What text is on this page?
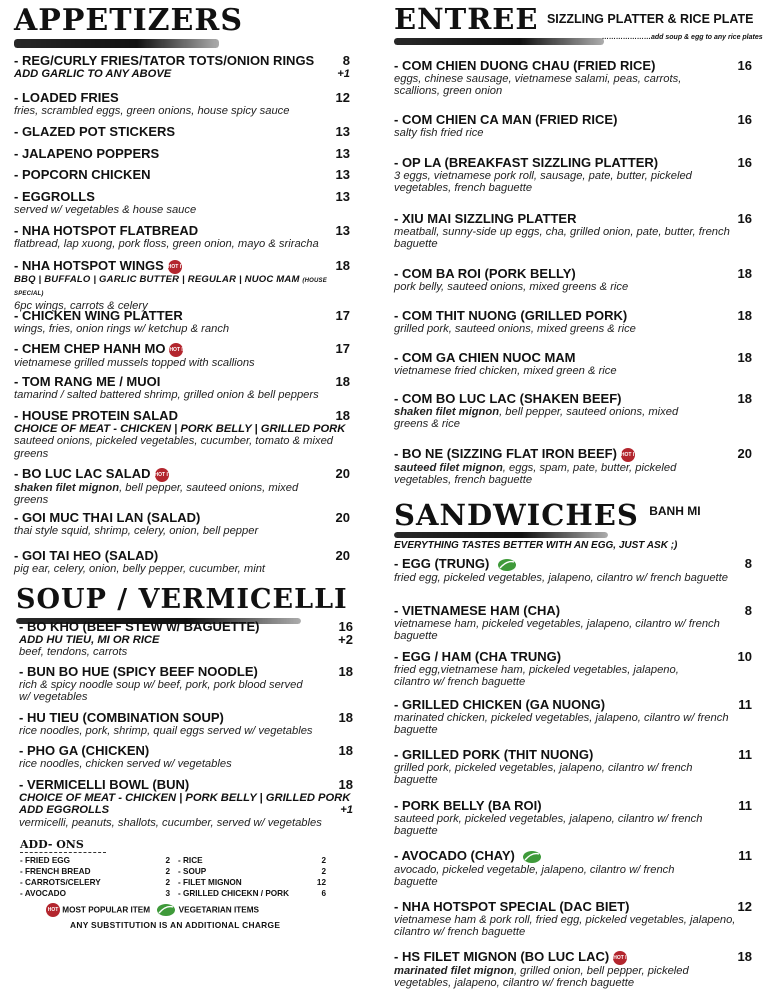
APPETIZERS
- REG/CURLY FRIES/TATOR TOTS/ONION RINGS	8
ADD GARLIC TO ANY ABOVE	+1
- LOADED FRIES	12
fries, scrambled eggs, green onions, house spicy sauce
- GLAZED POT STICKERS	13
- JALAPENO POPPERS	13
- POPCORN CHICKEN	13
- EGGROLLS	13
served w/ vegetables & house sauce
- NHA HOTSPOT FLATBREAD	13
flatbread, lap xuong, pork floss, green onion, mayo & sriracha
- NHA HOTSPOT WINGS HOT ITEM	18
BBQ | BUFFALO | GARLIC BUTTER | REGULAR | NUOC MAM (HOUSE SPECIAL)
6pc wings, carrots & celery
- CHICKEN WING PLATTER	17
wings, fries, onion rings w/ ketchup & ranch
- CHEM CHEP HANH MO HOT ITEM	17
vietnamese grilled mussels topped with scallions
- TOM RANG ME / MUOI	18
tamarind / salted battered shrimp, grilled onion & bell peppers
- HOUSE PROTEIN SALAD	18
CHOICE OF MEAT - CHICKEN | PORK BELLY | GRILLED PORK
sauteed onions, pickeled vegetables, cucumber, tomato & mixed greens
- BO LUC LAC SALAD HOT ITEM	20
shaken filet mignon, bell pepper, sauteed onions, mixed greens
- GOI MUC THAI LAN (SALAD)	20
thai style squid, shrimp, celery, onion, bell pepper
- GOI TAI HEO (SALAD)	20
pig ear, celery, onion, belly pepper, cucumber, mint
SOUP / VERMICELLI
- BO KHO (BEEF STEW w/ BAGUETTE)	16
ADD HU TIEU, MI OR RICE	+2
beef, tendons, carrots
- BUN BO HUE (SPICY BEEF NOODLE)	18
rich & spicy noodle soup w/ beef, pork, pork blood served w/ vegetables
- HU TIEU (COMBINATION SOUP)	18
rice noodles, pork, shrimp, quail eggs served w/ vegetables
- PHO GA (CHICKEN)	18
rice noodles, chicken served w/ vegetables
- VERMICELLI BOWL (BUN)	18
CHOICE OF MEAT - CHICKEN | PORK BELLY | GRILLED PORK
ADD EGGROLLS	+1
vermicelli, peanuts, shallots, cucumber, served w/ vegetables
ADD- ONS
- FRIED EGG	2
- FRENCH BREAD	2
- CARROTS/CELERY	2
- AVOCADO	3
- RICE	2
- SOUP	2
- FILET MIGNON	12
- GRILLED CHICEKN / PORK	6
HOT ITEM MOST POPULAR ITEM	VEGETARIAN ITEMS
ANY SUBSTITUTION IS AN ADDITIONAL CHARGE
ENTREE $^{SIZZLING PLATTER \& RICE PLATE}$
…………………add soup & egg to any rice plates
- COM CHIEN DUONG CHAU (FRIED RICE)	16
eggs, chinese sausage, vietnamese salami, peas, carrots, scallions, green onion
- COM CHIEN CA MAN (FRIED RICE)	16
salty fish fried rice
- OP LA (BREAKFAST SIZZLING PLATTER)	16
3 eggs, vietnamese pork roll, sausage, pate, butter, pickeled vegetables, french baguette
- XIU MAI SIZZLING PLATTER	16
meatball, sunny-side up eggs, cha, grilled onion, pate, butter, french baguette
- COM BA ROI (PORK BELLY)	18
pork belly, sauteed onions, mixed greens & rice
- COM THIT NUONG (GRILLED PORK)	18
grilled pork, sauteed onions, mixed greens & rice
- COM GA CHIEN NUOC MAM	18
vietnamese fried chicken, mixed green & rice
- COM BO LUC LAC (SHAKEN BEEF)	18
shaken filet mignon, bell pepper, sauteed onions, mixed greens & rice
- BO NE (SIZZING FLAT IRON BEEF) HOT ITEM	20
sauteed filet mignon, eggs, spam, pate, butter, pickeled vegetables, french baguette
SANDWICHES $^{BANH MI}$
EVERYTHING TASTES BETTER WITH AN EGG, JUST ASK ;)
- EGG (TRUNG)	8
fried egg, pickeled vegetables, jalapeno, cilantro w/ french baguette
- VIETNAMESE HAM (CHA)	8
vietnamese ham, pickeled vegetables, jalapeno, cilantro w/ french baguette
- EGG / HAM (CHA TRUNG)	10
fried egg,vietnamese ham, pickeled vegetables, jalapeno, cilantro w/ french baguette
- GRILLED CHICKEN (GA NUONG)	11
marinated chicken, pickeled vegetables, jalapeno, cilantro w/ french baguette
- GRILLED PORK (THIT NUONG)	11
grilled pork, pickeled vegetables, jalapeno, cilantro w/ french baguette
- PORK BELLY (BA ROI)	11
sauteed pork, pickeled vegetables, jalapeno, cilantro w/ french baguette
- AVOCADO (CHAY)	11
avocado, pickeled vegetable, jalapeno, cilantro w/ french baguette
- NHA HOTSPOT SPECIAL (DAC BIET)	12
vietnamese ham & pork roll, fried egg, pickeled vegetables, jalapeno, cilantro w/ french baguette
- HS FILET MIGNON (BO LUC LAC) HOT ITEM	18
marinated filet mignon, grilled onion, bell pepper, pickeled vegetables, jalapeno, cilantro w/ french baguette
